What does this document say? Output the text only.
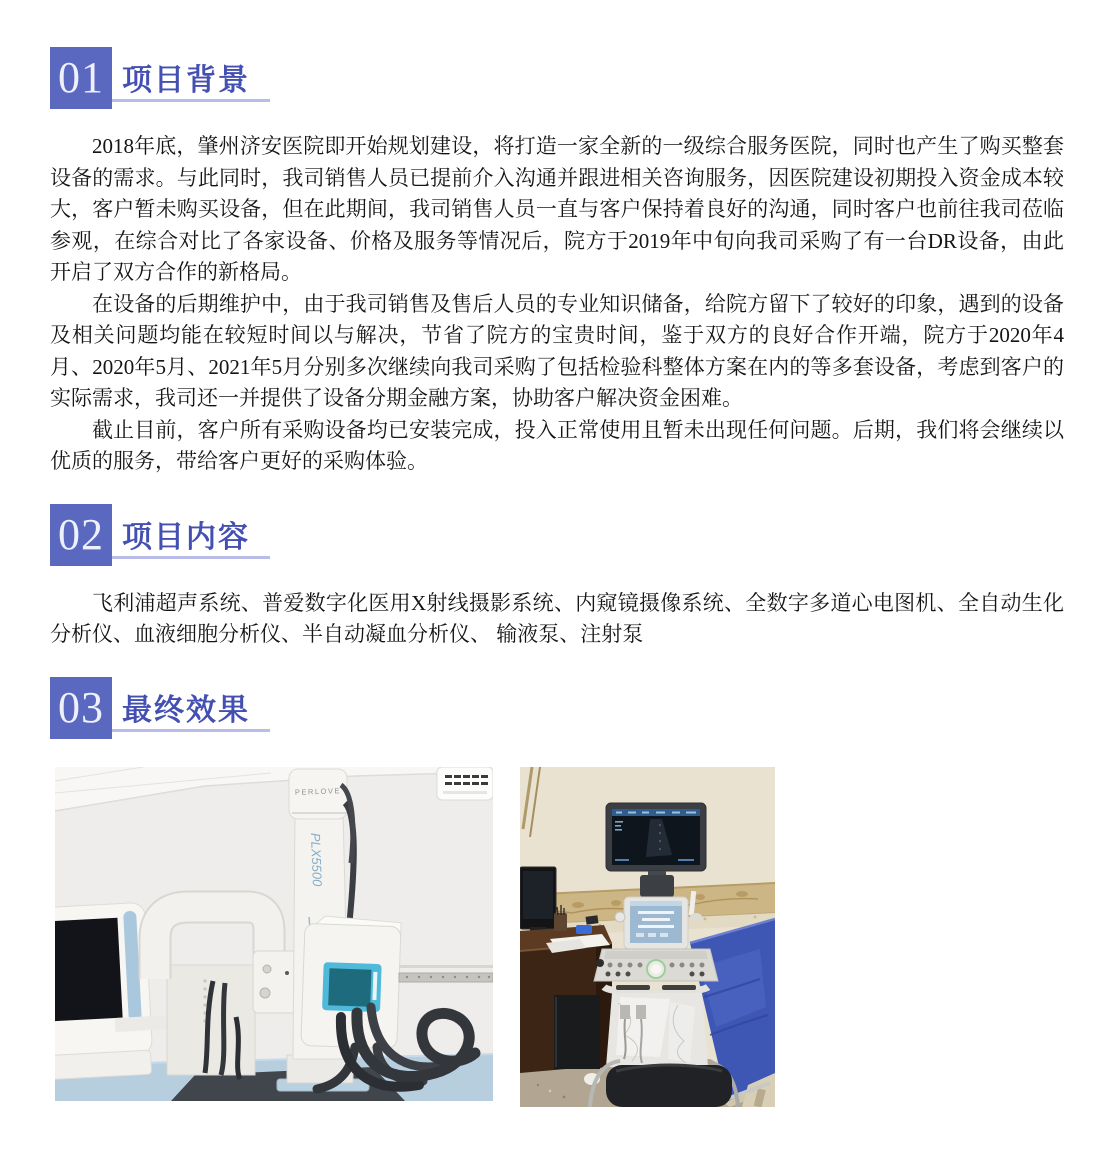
01 项目背景

2018年底，肇州济安医院即开始规划建设，将打造一家全新的一级综合服务医院，同时也产生了购买整套设备的需求。与此同时，我司销售人员已提前介入沟通并跟进相关咨询服务，因医院建设初期投入资金成本较大，客户暂未购买设备，但在此期间，我司销售人员一直与客户保持着良好的沟通，同时客户也前往我司莅临参观，在综合对比了各家设备、价格及服务等情况后，院方于2019年中旬向我司采购了有一台DR设备，由此开启了双方合作的新格局。

在设备的后期维护中，由于我司销售及售后人员的专业知识储备，给院方留下了较好的印象，遇到的设备及相关问题均能在较短时间以与解决，节省了院方的宝贵时间，鉴于双方的良好合作开端，院方于2020年4月、2020年5月、2021年5月分别多次继续向我司采购了包括检验科整体方案在内的等多套设备，考虑到客户的实际需求，我司还一并提供了设备分期金融方案，协助客户解决资金困难。

截止目前，客户所有采购设备均已安装完成，投入正常使用且暂未出现任何问题。后期，我们将会继续以优质的服务，带给客户更好的采购体验。

02 项目内容

飞利浦超声系统、普爱数字化医用X射线摄影系统、内窥镜摄像系统、全数字多道心电图机、全自动生化分析仪、血液细胞分析仪、半自动凝血分析仪、 输液泵、注射泵

03 最终效果
PERLOVE
PLX5500
